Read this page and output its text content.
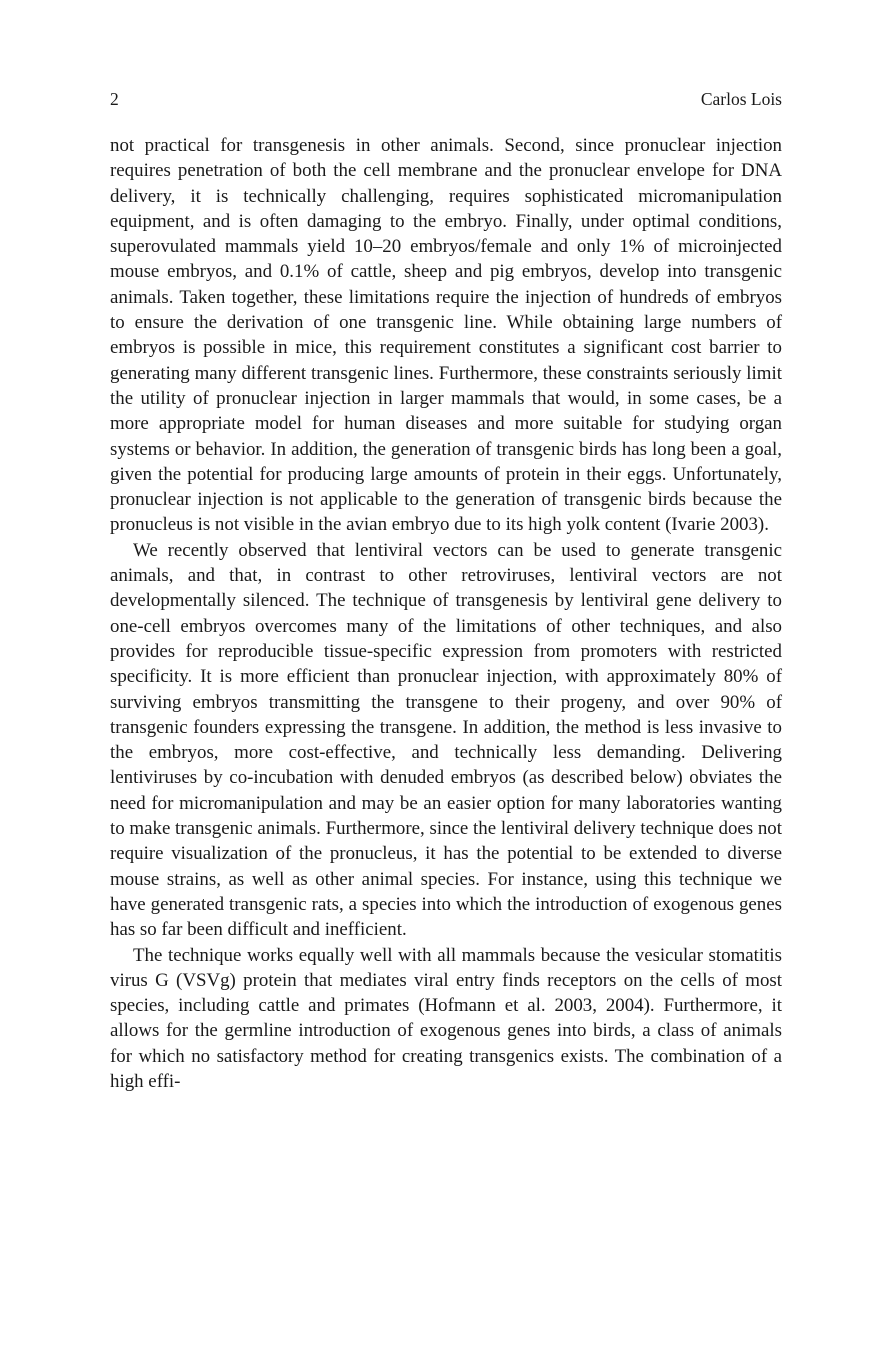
2	Carlos Lois

not practical for transgenesis in other animals. Second, since pronuclear injection requires penetration of both the cell membrane and the pronuclear envelope for DNA delivery, it is technically challenging, requires sophisticated micromanipulation equipment, and is often damaging to the embryo. Finally, under optimal conditions, superovulated mammals yield 10–20 embryos/female and only 1% of microinjected mouse embryos, and 0.1% of cattle, sheep and pig embryos, develop into transgenic animals. Taken together, these limitations require the injection of hundreds of embryos to ensure the derivation of one transgenic line. While obtaining large numbers of embryos is possible in mice, this requirement constitutes a significant cost barrier to generating many different transgenic lines. Furthermore, these constraints seriously limit the utility of pronuclear injection in larger mammals that would, in some cases, be a more appropriate model for human diseases and more suitable for studying organ systems or behavior. In addition, the generation of transgenic birds has long been a goal, given the potential for producing large amounts of protein in their eggs. Unfortunately, pronuclear injection is not applicable to the generation of transgenic birds because the pronucleus is not visible in the avian embryo due to its high yolk content (Ivarie 2003).

We recently observed that lentiviral vectors can be used to generate transgenic animals, and that, in contrast to other retroviruses, lentiviral vectors are not developmentally silenced. The technique of transgenesis by lentiviral gene delivery to one-cell embryos overcomes many of the limitations of other techniques, and also provides for reproducible tissue-specific expression from promoters with restricted specificity. It is more efficient than pronuclear injection, with approximately 80% of surviving embryos transmitting the transgene to their progeny, and over 90% of transgenic founders expressing the transgene. In addition, the method is less invasive to the embryos, more cost-effective, and technically less demanding. Delivering lentiviruses by co-incubation with denuded embryos (as described below) obviates the need for micromanipulation and may be an easier option for many laboratories wanting to make transgenic animals. Furthermore, since the lentiviral delivery technique does not require visualization of the pronucleus, it has the potential to be extended to diverse mouse strains, as well as other animal species. For instance, using this technique we have generated transgenic rats, a species into which the introduction of exogenous genes has so far been difficult and inefficient.

The technique works equally well with all mammals because the vesicular stomatitis virus G (VSVg) protein that mediates viral entry finds receptors on the cells of most species, including cattle and primates (Hofmann et al. 2003, 2004). Furthermore, it allows for the germline introduction of exogenous genes into birds, a class of animals for which no satisfactory method for creating transgenics exists. The combination of a high effi-
